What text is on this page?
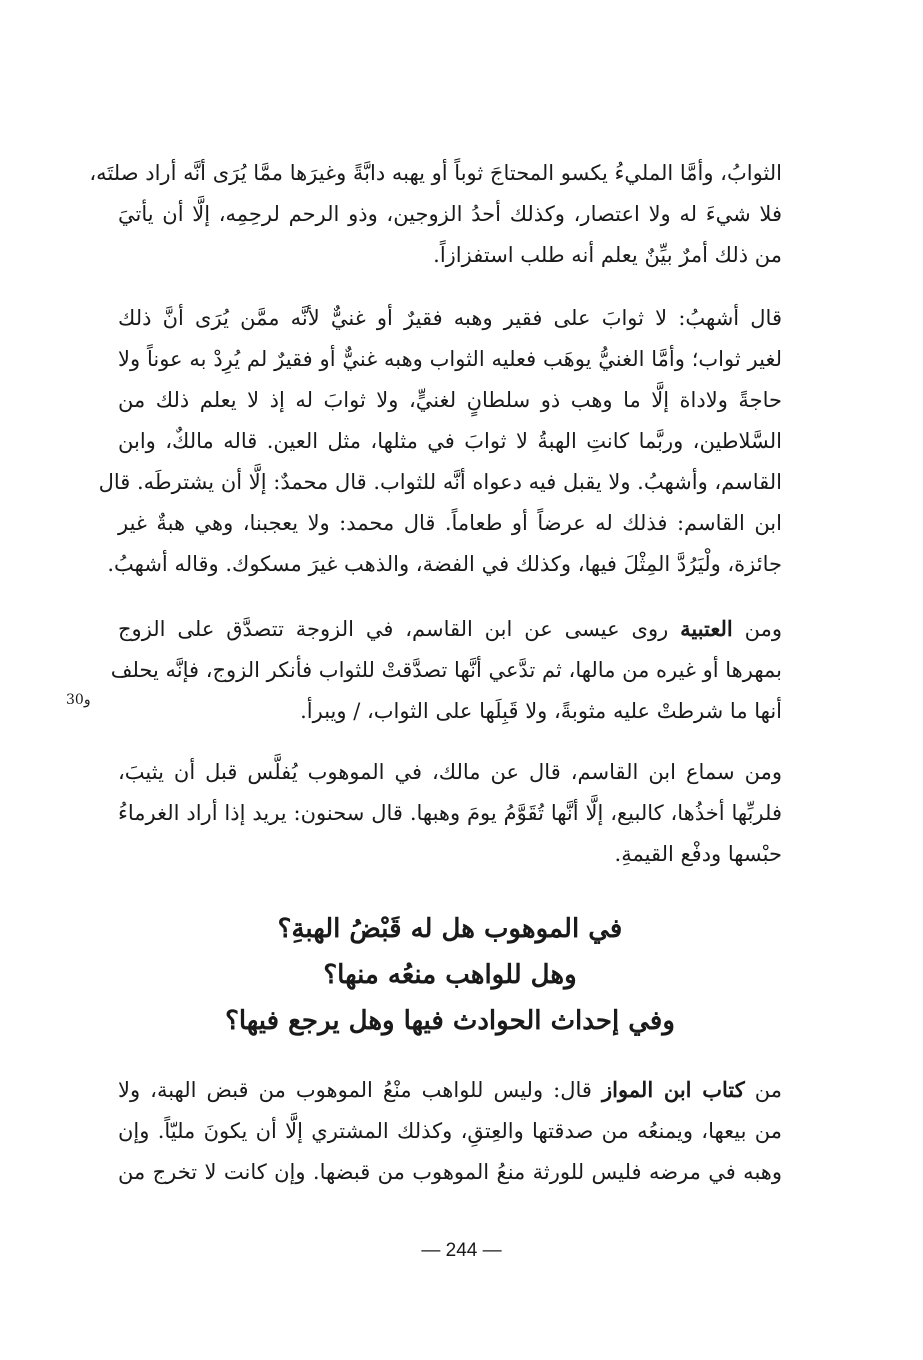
الثوابُ، وأمَّا المليءُ يكسو المحتاجَ ثوباً أو يهبه دابَّةً وغيرَها ممَّا يُرَى أنَّه أراد صلتَه،
فلا شيءَ له ولا اعتصار، وكذلك أحدُ الزوجين، وذو الرحم لرحِمِه، إلَّا أن يأتيَ
من ذلك أمرٌ بيِّنٌ يعلم أنه طلب استفزازاً.
قال أشهبُ: لا ثوابَ على فقير وهبه فقيرٌ أو غنيٌّ لأنَّه ممَّن يُرَى أنَّ ذلك
لغير ثواب؛ وأمَّا الغنيُّ يوهَب فعليه الثواب وهبه غنيٌّ أو فقيرٌ لم يُرِدْ به عوناً ولا
حاجةً ولاداة إلَّا ما وهب ذو سلطانٍ لغنيٍّ، ولا ثوابَ له إذ لا يعلم ذلك من
السَّلاطين، وربَّما كانتِ الهبةُ لا ثوابَ في مثلها، مثل العين. قاله مالكٌ، وابن
القاسم، وأشهبُ. ولا يقبل فيه دعواه أنَّه للثواب. قال محمدٌ: إلَّا أن يشترطَه. قال
ابن القاسم: فذلك له عرضاً أو طعاماً. قال محمد: ولا يعجبنا، وهي هبةٌ غير
جائزة، ولْيَرُدَّ المِثْلَ فيها، وكذلك في الفضة، والذهب غيرَ مسكوك. وقاله أشهبُ.
ومن العتبية روى عيسى عن ابن القاسم، في الزوجة تتصدَّق على الزوج
بمهرها أو غيره من مالها، ثم تدَّعي أنَّها تصدَّقتْ للثواب فأنكر الزوج، فإنَّه يحلف
أنها ما شرطتْ عليه مثوبةً، ولا قَبِلَها على الثواب، / ويبرأ.
30و
ومن سماع ابن القاسم، قال عن مالك، في الموهوب يُفلَّس قبل أن يثيبَ،
فلربِّها أخذُها، كالبيع، إلَّا أنَّها تُقَوَّمُ يومَ وهبها. قال سحنون: يريد إذا أراد الغرماءُ
حبْسها ودفْع القيمةِ.
في الموهوب هل له قَبْضُ الهبةِ؟
وهل للواهب منعُه منها؟
وفي إحداث الحوادث فيها وهل يرجع فيها؟
من كتاب ابن المواز قال: وليس للواهب منْعُ الموهوب من قبض الهبة، ولا
من بيعها، ويمنعُه من صدقتها والعِتقِ، وكذلك المشتري إلَّا أن يكونَ مليّاً. وإن
وهبه في مرضه فليس للورثة منعُ الموهوب من قبضها. وإن كانت لا تخرج من
— 244 —
